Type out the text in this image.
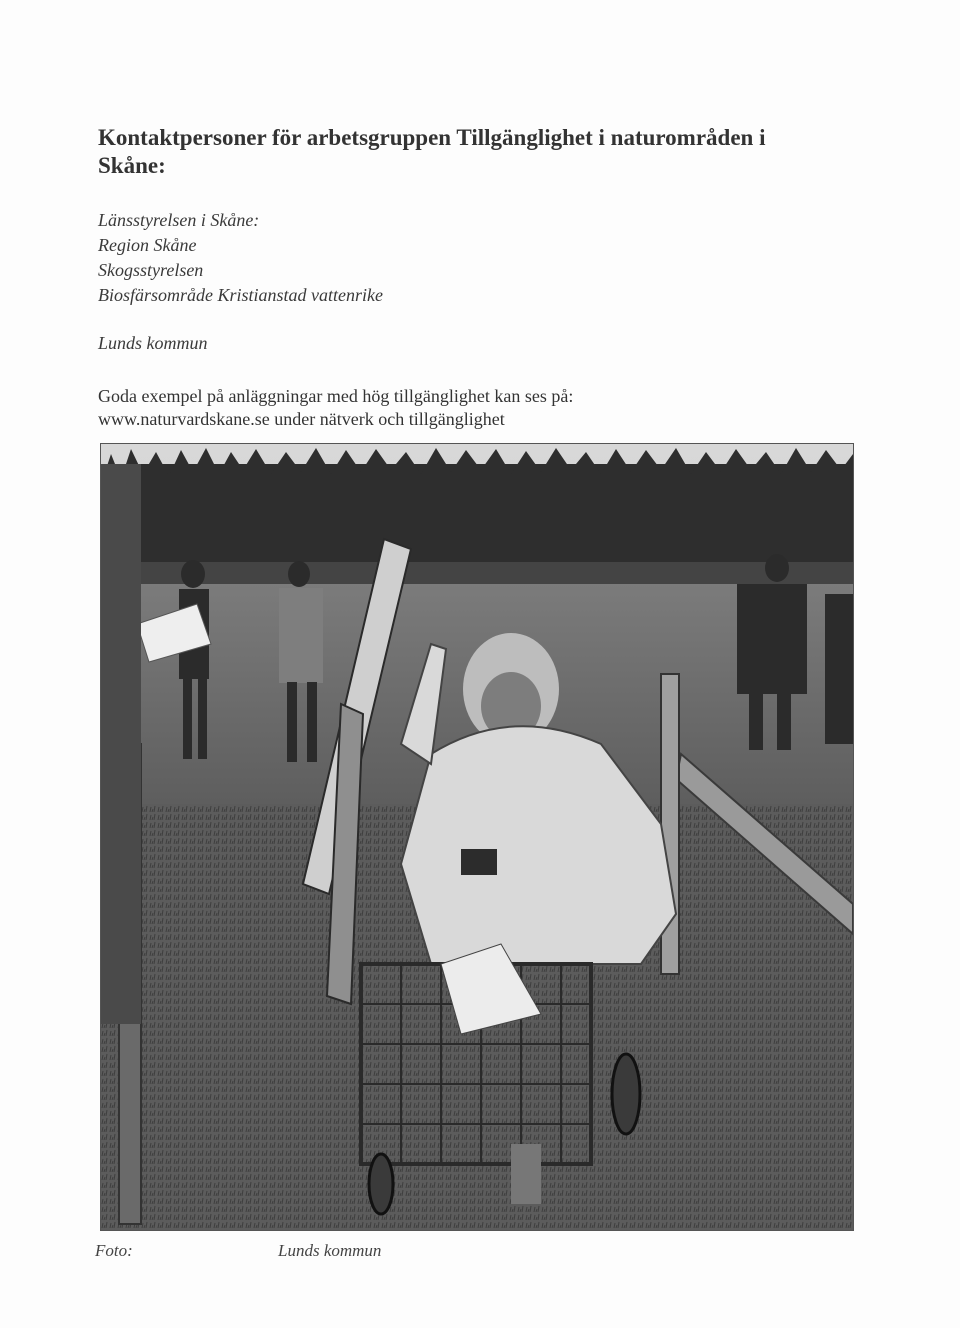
Kontaktpersoner för arbetsgruppen Tillgänglighet i naturområden i
Skåne:
Länsstyrelsen i Skåne:
Region Skåne
Skogsstyrelsen
Biosfärsområde Kristianstad vattenrike
Lunds kommun
Goda exempel på anläggningar med hög tillgänglighet kan ses på:
www.naturvardskane.se under nätverk och tillgänglighet
Foto:	Lunds kommun
